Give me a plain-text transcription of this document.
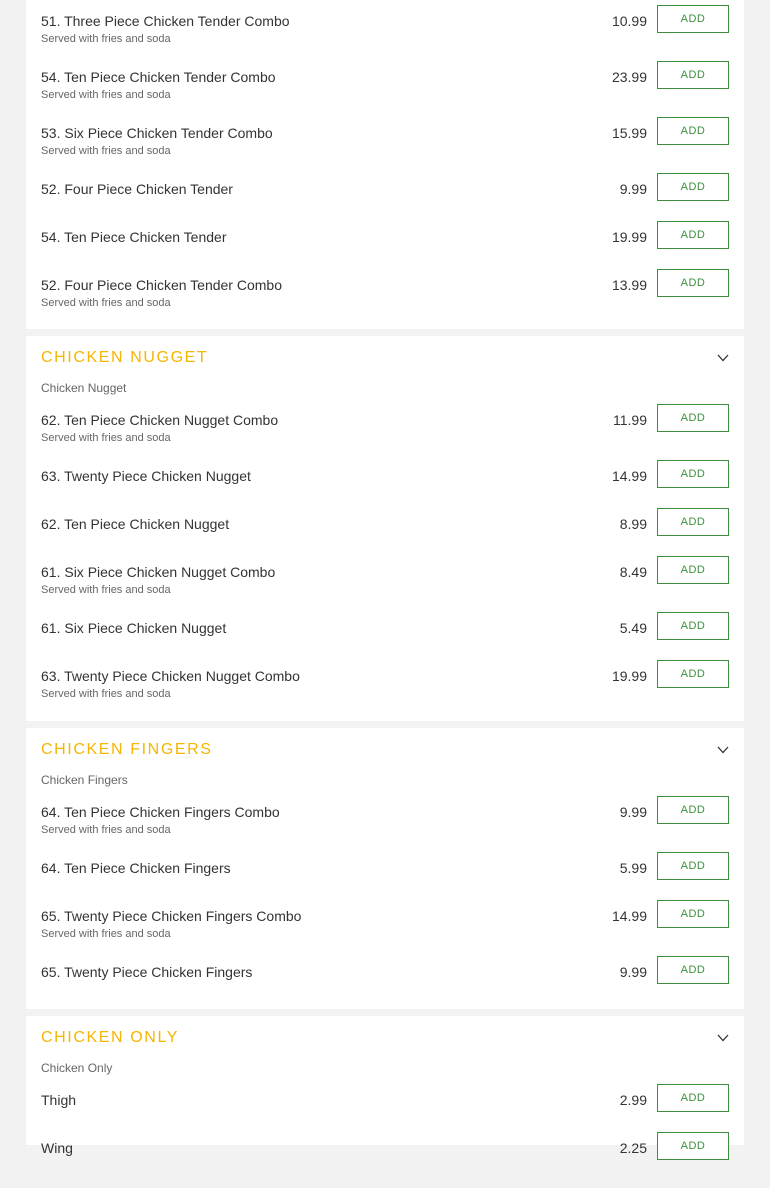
51. Three Piece Chicken Tender Combo
Served with fries and soda
10.99	ADD
54. Ten Piece Chicken Tender Combo
Served with fries and soda
23.99	ADD
53. Six Piece Chicken Tender Combo
Served with fries and soda
15.99	ADD
52. Four Piece Chicken Tender	9.99	ADD
54. Ten Piece Chicken Tender	19.99	ADD
52. Four Piece Chicken Tender Combo
Served with fries and soda
13.99	ADD
CHICKEN NUGGET
Chicken Nugget
62. Ten Piece Chicken Nugget Combo
Served with fries and soda
11.99	ADD
63. Twenty Piece Chicken Nugget	14.99	ADD
62. Ten Piece Chicken Nugget	8.99	ADD
61. Six Piece Chicken Nugget Combo
Served with fries and soda
8.49	ADD
61. Six Piece Chicken Nugget	5.49	ADD
63. Twenty Piece Chicken Nugget Combo
Served with fries and soda
19.99	ADD
CHICKEN FINGERS
Chicken Fingers
64. Ten Piece Chicken Fingers Combo
Served with fries and soda
9.99	ADD
64. Ten Piece Chicken Fingers	5.99	ADD
65. Twenty Piece Chicken Fingers Combo
Served with fries and soda
14.99	ADD
65. Twenty Piece Chicken Fingers	9.99	ADD
CHICKEN ONLY
Chicken Only
Thigh	2.99	ADD
Wing	2.25	ADD
